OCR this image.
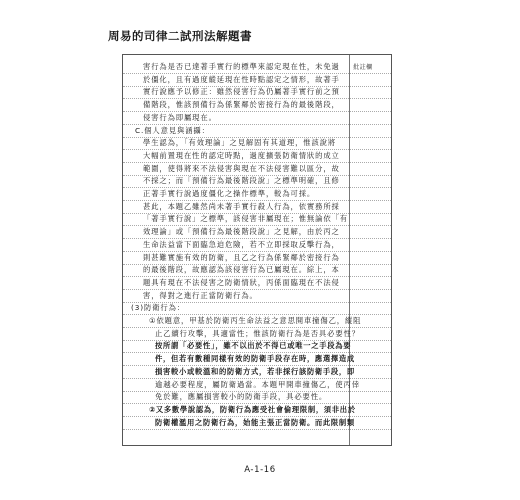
周易的司律二試刑法解題書
批註欄
害行為是否已達著手實行的標準來認定現在性，未免過
於僵化，且有過度縱延現在性時點認定之情形，故著手
實行說應予以修正：雖然侵害行為仍屬著手實行前之預
備階段，惟該預備行為係緊鄰於密接行為的最後階段，
侵害行為即屬現在。
C.個人意見與涵攝：
學生認為，「有效理論」之見解固有其道理，惟該說將
大幅前置現在性的認定時點，過度擴張防衛情狀的成立
範圍，使得將來不法侵害與現在不法侵害難以區分，故
不採之；而「預備行為最後階段說」之標準明確，且修
正著手實行說過度僵化之操作標準，較為可採。
甚此，本題乙雖然尚未著手實行殺人行為，依實務所採
「著手實行說」之標準，該侵害非屬現在；惟無論依「有
效理論」或「預備行為最後階段說」之見解，由於丙之
生命法益當下面臨急迫危險，若不立即採取反擊行為，
則甚難實施有效的防衛，且乙之行為係緊鄰於密接行為
的最後階段，故應認為該侵害行為已屬現在。綜上，本
題具有現在不法侵害之防衛情狀，丙係面臨現在不法侵
害，得對之進行正當防衛行為。
(3)防衛行為：
①依題意，甲基於防衛丙生命法益之意思開車撞傷乙，縱阻
止乙續行攻擊，具適當性；惟該防衛行為是否具必要性？
按所謂「必要性」，雖不以出於不得已或唯一之手段為要
件，但若有數種同樣有效的防衛手段存在時，應選擇造成
損害較小或較溫和的防衛方式，若非採行該防衛手段，即
逾越必要程度，屬防衛過當。本題甲開車撞傷乙，使丙倖
免於難，應屬損害較小的防衛手段，具必要性。
②又多數學說認為，防衛行為應受社會倫理限制，須非出於
防衛權濫用之防衛行為，始能主張正當防衛。而此限制類
A-1-16
